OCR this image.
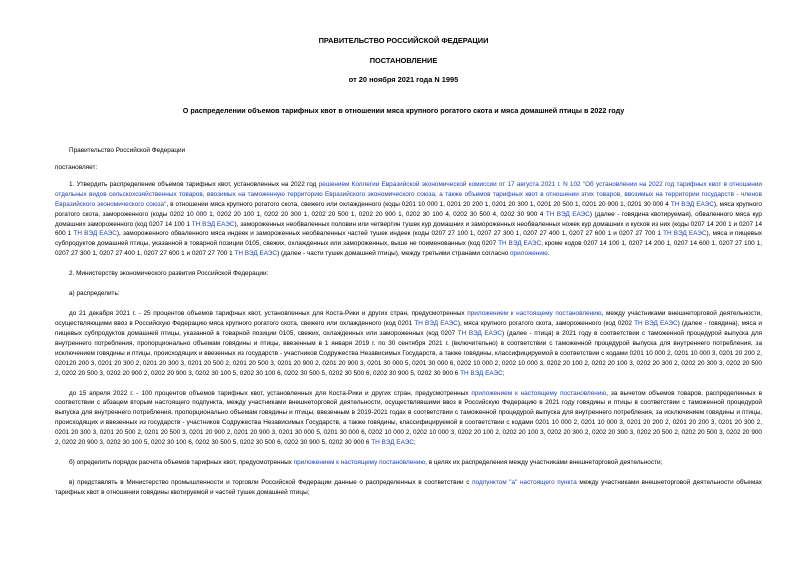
ПРАВИТЕЛЬСТВО РОССИЙСКОЙ ФЕДЕРАЦИИ
ПОСТАНОВЛЕНИЕ
от 20 ноября 2021 года N 1995
О распределении объемов тарифных квот в отношении мяса крупного рогатого скота и мяса домашней птицы в 2022 году

Правительство Российской Федерации

постановляет:

1. Утвердить распределение объемов тарифных квот, установленных на 2022 год решением Коллегии Евразийской экономической комиссии от 17 августа 2021 г. N 102 "Об установлении на 2022 год тарифных квот в отношении отдельных видов сельскохозяйственных товаров, ввозимых на таможенную территорию Евразийского экономического союза, а также объемов тарифных квот в отношении этих товаров, ввозимых на территории государств - членов Евразийского экономического союза", в отношении мяса крупного рогатого скота, свежего или охлажденного (коды 0201 10 000 1, 0201 20 200 1, 0201 20 300 1, 0201 20 500 1, 0201 20 900 1, 0201 30 000 4 ТН ВЭД ЕАЭС), мяса крупного рогатого скота, замороженного (коды 0202 10 000 1, 0202 20 100 1, 0202 20 300 1, 0202 20 500 1, 0202 20 900 1, 0202 30 100 4, 0202 30 500 4, 0202 30 900 4 ТН ВЭД ЕАЭС) (далее - говядина квотируемая), обваленного мяса кур домашних замороженного (код 0207 14 100 1 ТН ВЭД ЕАЭС), замороженных необваленных половин или четвертин тушек кур домашних и замороженных необваленных ножек кур домашних и кусков из них (коды 0207 14 200 1 и 0207 14 600 1 ТН ВЭД ЕАЭС), замороженного обваленного мяса индеек и замороженных необваленных частей тушек индеек (коды 0207 27 100 1, 0207 27 300 1, 0207 27 400 1, 0207 27 600 1 и 0207 27 700 1 ТН ВЭД ЕАЭС), мяса и пищевых субпродуктов домашней птицы, указанной в товарной позиции 0105, свежих, охлажденных или замороженных, выше не поименованных (код 0207 ТН ВЭД ЕАЭС, кроме кодов 0207 14 100 1, 0207 14 200 1, 0207 14 600 1, 0207 27 100 1, 0207 27 300 1, 0207 27 400 1, 0207 27 600 1 и 0207 27 700 1 ТН ВЭД ЕАЭС) (далее - части тушек домашней птицы), между третьими странами согласно приложению.

2. Министерству экономического развития Российской Федерации:

а) распределить:

до 21 декабря 2021 г. - 25 процентов объемов тарифных квот, установленных для Коста-Рики и других стран, предусмотренных приложением к настоящему постановлению, между участниками внешнеторговой деятельности, осуществляющими ввоз в Российскую Федерацию мяса крупного рогатого скота, свежего или охлажденного (код 0201 ТН ВЭД ЕАЭС), мяса крупного рогатого скота, замороженного (код 0202 ТН ВЭД ЕАЭС) (далее - говядина), мяса и пищевых субпродуктов домашней птицы, указанной в товарной позиции 0105, свежих, охлажденных или замороженных (код 0207 ТН ВЭД ЕАЭС) (далее - птица) в 2021 году в соответствии с таможенной процедурой выпуска для внутреннего потребления, пропорционально объемам говядины и птицы, ввезенным в 1 января 2019 г. по 30 сентября 2021 г. (включительно) в соответствии с таможенной процедурой выпуска для внутреннего потребления, за исключением говядины и птицы, происходящих и ввезенных из государств - участников Содружества Независимых Государств, а также говядины, классифицируемой в соответствии с кодами 0201 10 000 2, 0201 10 000 3, 0201 20 200 2, 020120 200 3, 0201 20 300 2, 0201 20 300 3, 0201 20 500 2, 0201 20 500 3, 0201 20 900 2, 0201 20 900 3, 0201 30 000 5, 0201 30 000 6, 0202 10 000 2, 0202 10 000 3, 0202 20 100 2, 0202 20 100 3, 0202 20 300 2, 0202 20 300 3, 0202 20 500 2, 0202 20 500 3, 0202 20 900 2, 0202 20 900 3, 0202 30 100 5, 0202 30 100 6, 0202 30 500 5, 0202 30 500 6, 0202 30 900 5, 0202 30 900 6 ТН ВЭД ЕАЭС;

до 15 апреля 2022 г. - 100 процентов объемов тарифных квот, установленных для Коста-Рики и других стран, предусмотренных приложением к настоящему постановлению, за вычетом объемов товаров, распределенных в соответствии с абзацем вторым настоящего подпункта, между участниками внешнеторговой деятельности, осуществлявшими ввоз в Российскую Федерацию в 2021 году говядины и птицы в соответствии с таможенной процедурой выпуска для внутреннего потребления, пропорционально объемам говядины и птицы, ввезенным в 2019-2021 годах в соответствии с таможенной процедурой выпуска для внутреннего потребления, за исключением говядины и птицы, происходящих и ввезенных из государств - участников Содружества Независимых Государств, а также говядины, классифицируемой в соответствии с кодами 0201 10 000 2, 0201 10 000 3, 0201 20 200 2, 0201 20 200 3, 0201 20 300 2, 0201 20 300 3, 0201 20 500 2, 0201 20 500 3, 0201 20 900 2, 0201 20 900 3, 0201 30 000 5, 0201 30 000 6, 0202 10 000 2, 0202 10 000 3, 0202 20 100 2, 0202 20 100 3, 0202 20 300 2, 0202 20 300 3, 0202 20 500 2, 0202 20 500 3, 0202 20 900 2, 0202 20 900 3, 0202 30 100 5, 0202 30 100 6, 0202 30 500 5, 0202 30 500 6, 0202 30 900 5, 0202 30 900 6 ТН ВЭД ЕАЭС;

б) определить порядок расчета объемов тарифных квот, предусмотренных приложением к настоящему постановлению, в целях их распределения между участниками внешнеторговой деятельности;

в) представлять в Министерство промышленности и торговли Российской Федерации данные о распределенных в соответствии с подпунктом "а" настоящего пункта между участниками внешнеторговой деятельности объемах тарифных квот в отношении говядины квотируемой и частей тушек домашней птицы;
